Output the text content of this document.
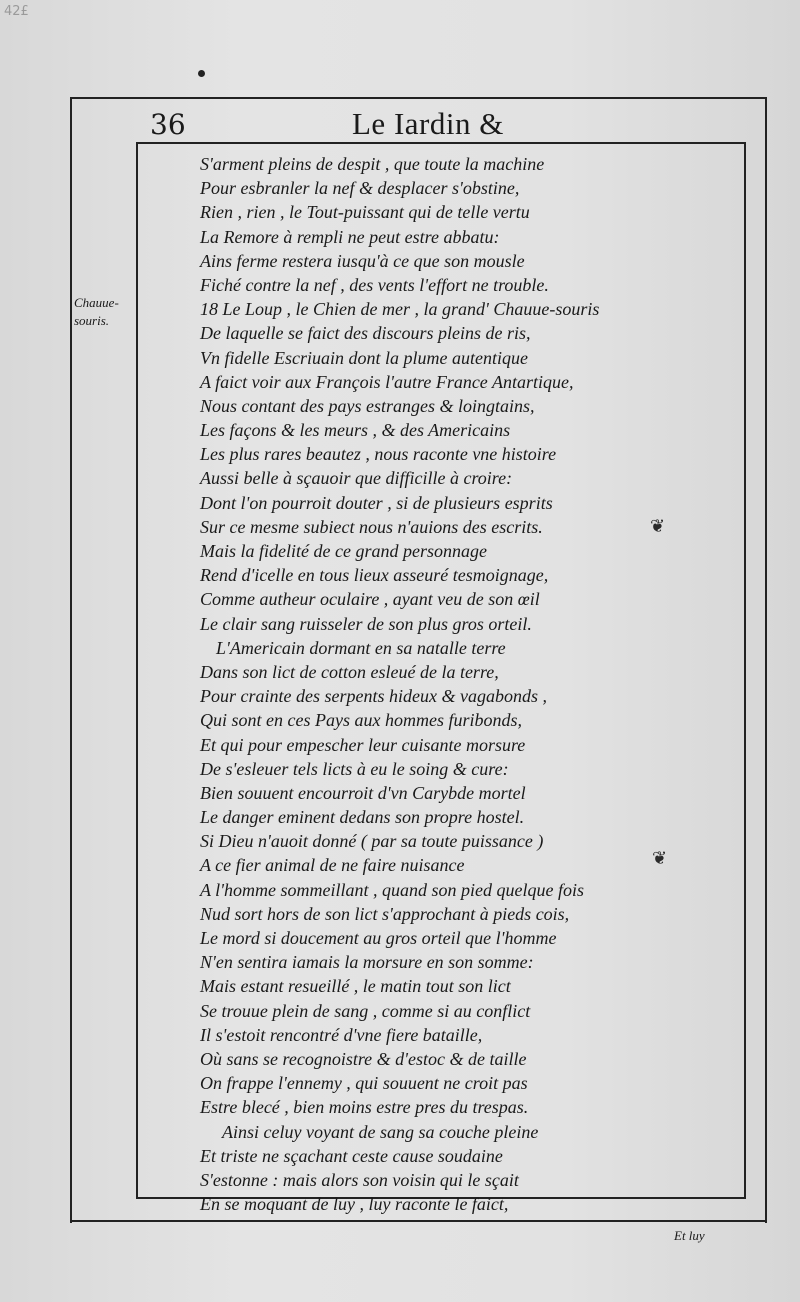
42£
36	Le Iardin &
Chauue-
souris.
S'arment pleins de despit , que toute la machine
Pour esbranler la nef & desplacer s'obstine,
Rien , rien , le Tout-puissant qui de telle vertu
La Remore à rempli ne peut estre abbatu:
Ains ferme restera iusqu'à ce que son mousle
Fiché contre la nef , des vents l'effort ne trouble.
18 Le Loup , le Chien de mer , la grand' Chauue-souris
De laquelle se faict des discours pleins de ris,
Vn fidelle Escriuain dont la plume autentique
A faict voir aux François l'autre France Antartique,
Nous contant des pays estranges & loingtains,
Les façons & les meurs , & des Americains
Les plus rares beautez , nous raconte vne histoire
Aussi belle à sçauoir que difficille à croire:
Dont l'on pourroit douter , si de plusieurs esprits
Sur ce mesme subiect nous n'auions des escrits.
Mais la fidelité de ce grand personnage
Rend d'icelle en tous lieux asseuré tesmoignage,
Comme autheur oculaire , ayant veu de son œil
Le clair sang ruisseler de son plus gros orteil.
L'Americain dormant en sa natalle terre
Dans son lict de cotton esleué de la terre,
Pour crainte des serpents hideux & vagabonds ,
Qui sont en ces Pays aux hommes furibonds,
Et qui pour empescher leur cuisante morsure
De s'esleuer tels licts à eu le soing & cure:
Bien souuent encourroit d'vn Carybde mortel
Le danger eminent dedans son propre hostel.
Si Dieu n'auoit donné ( par sa toute puissance )
A ce fier animal de ne faire nuisance
A l'homme sommeillant , quand son pied quelque fois
Nud sort hors de son lict s'approchant à pieds cois,
Le mord si doucement au gros orteil que l'homme
N'en sentira iamais la morsure en son somme:
Mais estant resueillé , le matin tout son lict
Se trouue plein de sang , comme si au conflict
Il s'estoit rencontré d'vne fiere bataille,
Où sans se recognoistre & d'estoc & de taille
On frappe l'ennemy , qui souuent ne croit pas
Estre blecé , bien moins estre pres du trespas.
Ainsi celuy voyant de sang sa couche pleine
Et triste ne sçachant ceste cause soudaine
S'estonne : mais alors son voisin qui le sçait
En se moquant de luy , luy raconte le faict,
❦
❦
Et luy
